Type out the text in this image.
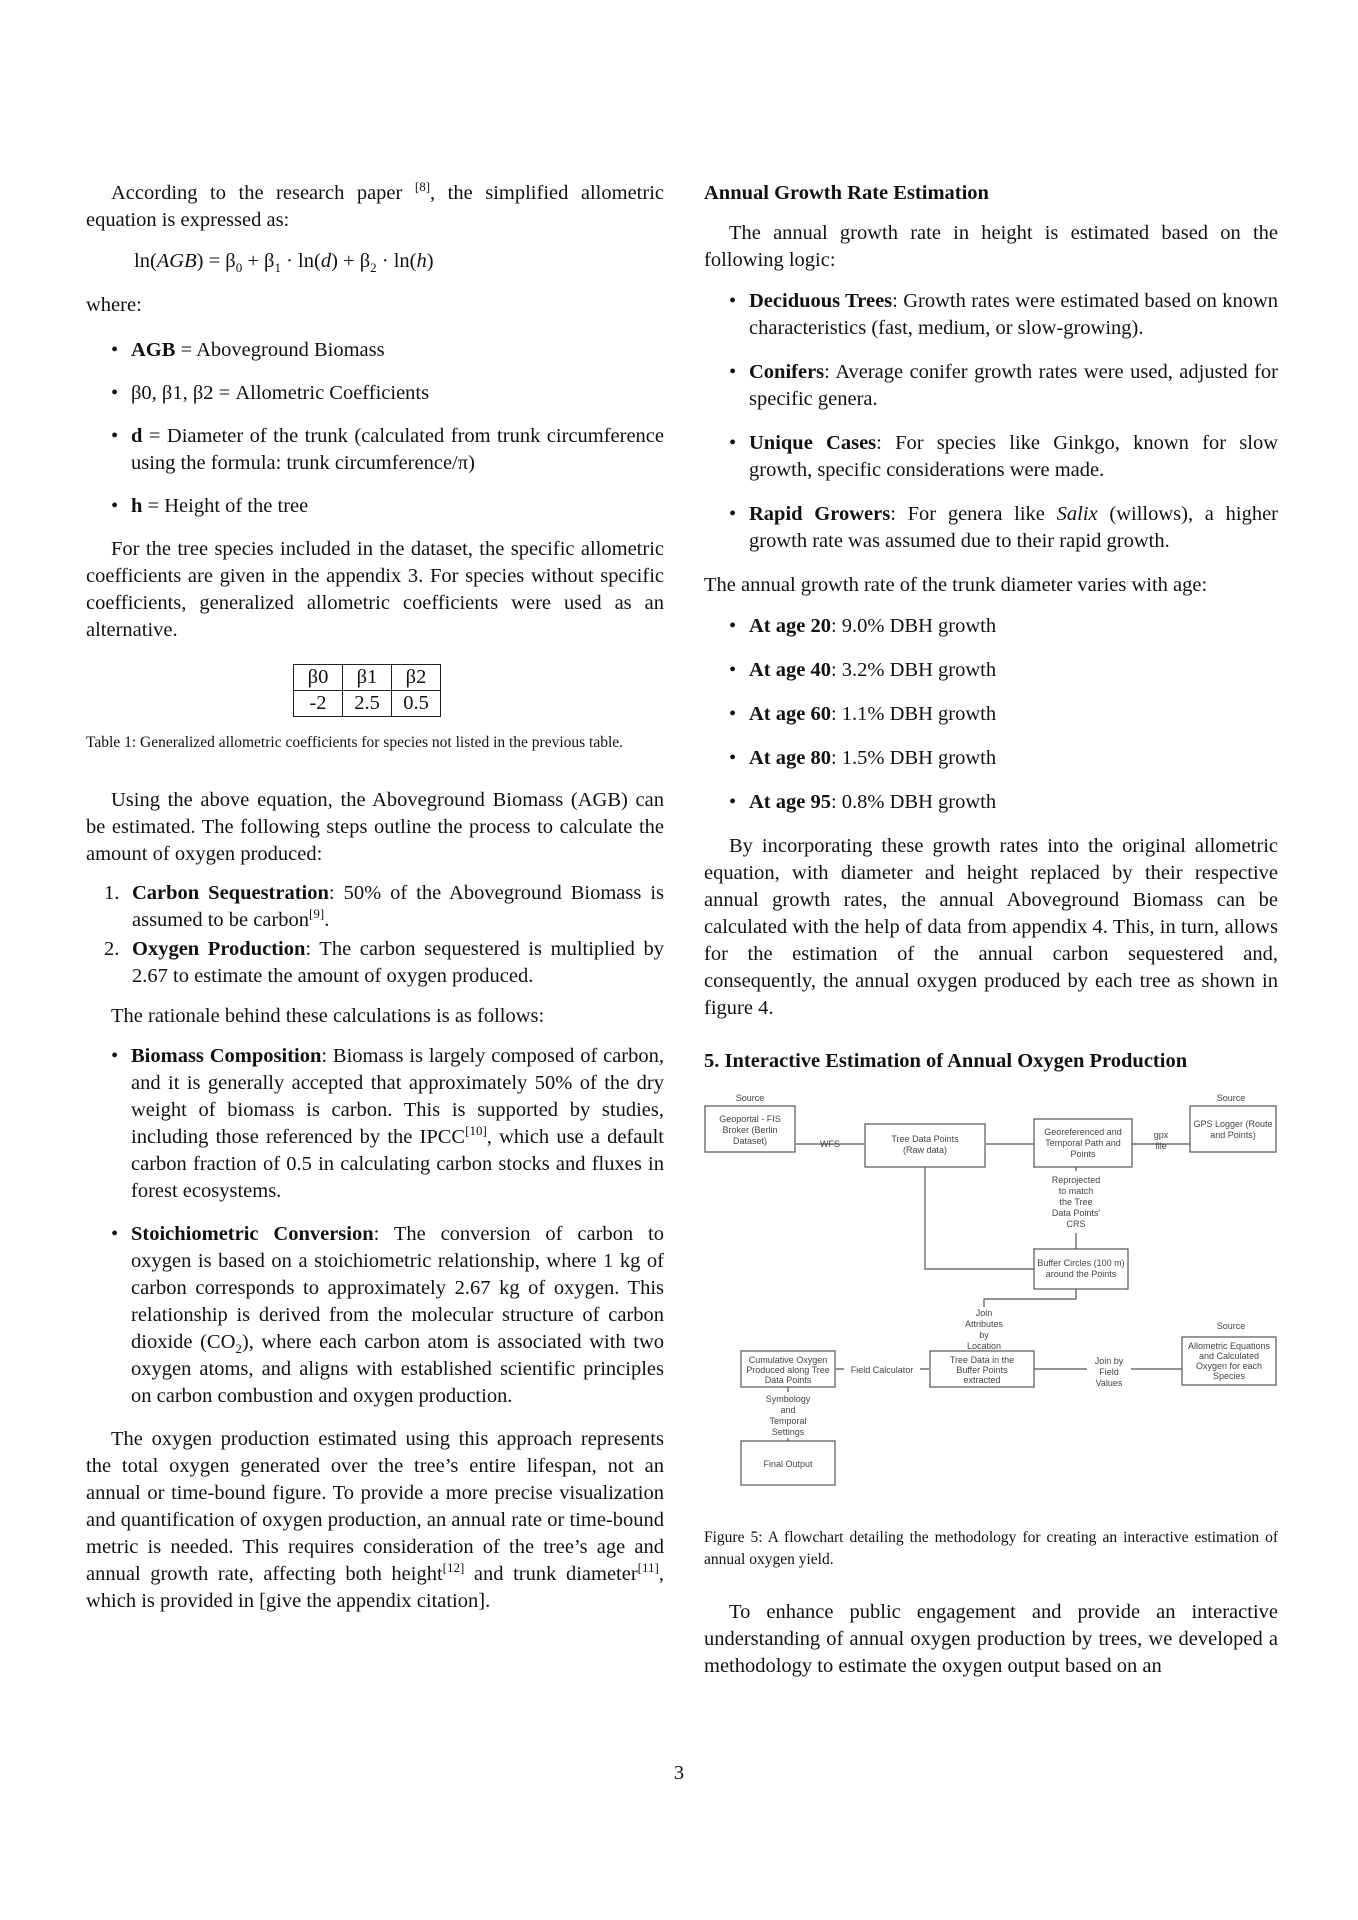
According to the research paper [8], the simplified allometric equation is expressed as:

$\ln(AGB) = \beta_0 + \beta_1 \cdot \ln(d) + \beta_2 \cdot \ln(h)$

where:

• AGB = Aboveground Biomass
• β0, β1, β2 = Allometric Coefficients
• d = Diameter of the trunk (calculated from trunk circumference using the formula: trunk circumference/π)
• h = Height of the tree

For the tree species included in the dataset, the specific allometric coefficients are given in the appendix 3. For species without specific coefficients, generalized allometric coefficients were used as an alternative.

β0	β1	β2
-2	2.5	0.5

Table 1: Generalized allometric coefficients for species not listed in the previous table.

Using the above equation, the Aboveground Biomass (AGB) can be estimated. The following steps outline the process to calculate the amount of oxygen produced:

1. Carbon Sequestration: 50% of the Aboveground Biomass is assumed to be carbon[9].
2. Oxygen Production: The carbon sequestered is multiplied by 2.67 to estimate the amount of oxygen produced.

The rationale behind these calculations is as follows:

• Biomass Composition: Biomass is largely composed of carbon, and it is generally accepted that approximately 50% of the dry weight of biomass is carbon. This is supported by studies, including those referenced by the IPCC[10], which use a default carbon fraction of 0.5 in calculating carbon stocks and fluxes in forest ecosystems.
• Stoichiometric Conversion: The conversion of carbon to oxygen is based on a stoichiometric relationship, where 1 kg of carbon corresponds to approximately 2.67 kg of oxygen. This relationship is derived from the molecular structure of carbon dioxide $(CO_2)$, where each carbon atom is associated with two oxygen atoms, and aligns with established scientific principles on carbon combustion and oxygen production.

The oxygen production estimated using this approach represents the total oxygen generated over the tree’s entire lifespan, not an annual or time-bound figure. To provide a more precise visualization and quantification of oxygen production, an annual rate or time-bound metric is needed. This requires consideration of the tree’s age and annual growth rate, affecting both height[12] and trunk diameter[11], which is provided in [give the appendix citation].

Annual Growth Rate Estimation

The annual growth rate in height is estimated based on the following logic:

• Deciduous Trees: Growth rates were estimated based on known characteristics (fast, medium, or slow-growing).
• Conifers: Average conifer growth rates were used, adjusted for specific genera.
• Unique Cases: For species like Ginkgo, known for slow growth, specific considerations were made.
• Rapid Growers: For genera like Salix (willows), a higher growth rate was assumed due to their rapid growth.

The annual growth rate of the trunk diameter varies with age:

• At age 20: 9.0% DBH growth
• At age 40: 3.2% DBH growth
• At age 60: 1.1% DBH growth
• At age 80: 1.5% DBH growth
• At age 95: 0.8% DBH growth

By incorporating these growth rates into the original allometric equation, with diameter and height replaced by their respective annual growth rates, the annual Aboveground Biomass can be calculated with the help of data from appendix 4. This, in turn, allows for the estimation of the annual carbon sequestered and, consequently, the annual oxygen produced by each tree as shown in figure 4.

5. Interactive Estimation of Annual Oxygen Production
Source	Source
Source
Geoportal - FIS
Broker (Berlin
Dataset)	WFS	Tree Data Points
(Raw data)
Georeferenced and
Temporal Path and
Points
gpx
file
GPS Logger (Route
and Points)
Reprojected
to match
the Tree
Data Points'
CRS
Buffer Circles (100 m)
around the Points
Join
Attributes
by
Location
Cumulative Oxygen
Produced along Tree
Data Points
Field Calculator
Tree Data in the
Buffer Points
extracted
Join by
Field
Values
Allometric Equations
and Calculated
Oxygen for each
Species
Symbology
and
Temporal
Settings
Final Output

Figure 5: A flowchart detailing the methodology for creating an interactive estimation of annual oxygen yield.

To enhance public engagement and provide an interactive understanding of annual oxygen production by trees, we developed a methodology to estimate the oxygen output based on an

3
